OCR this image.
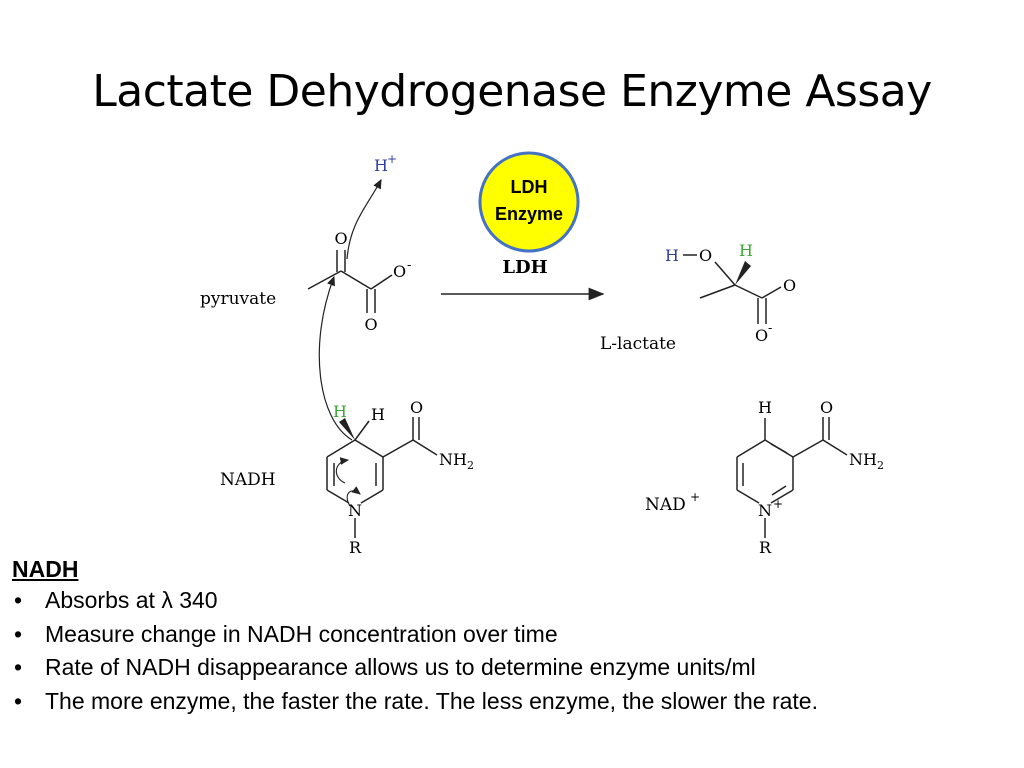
Lactate Dehydrogenase Enzyme Assay
LDH
Enzyme
LDH
pyruvate
O
O -
O
H +
H O H
O
O -
L-lactate
H H O
NH 2
N
R
NADH
H	O
NH 2
N +
R
NAD +
NADH
• Absorbs at λ 340
• Measure change in NADH concentration over time
• Rate of NADH disappearance allows us to determine enzyme units/ml
• The more enzyme, the faster the rate. The less enzyme, the slower the rate.
